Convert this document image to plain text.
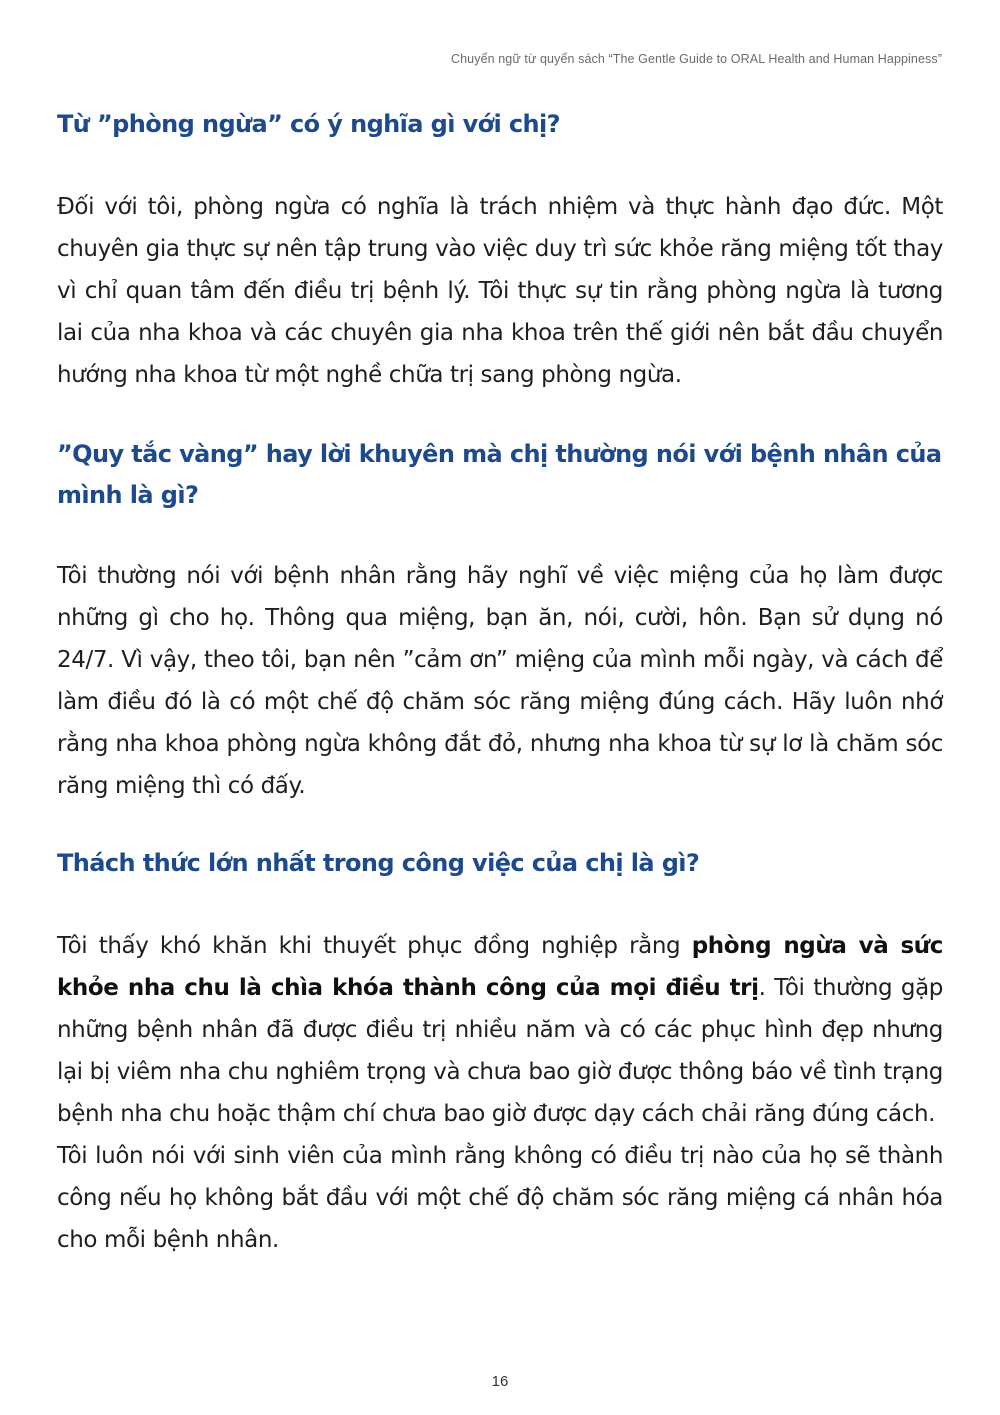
Chuyển ngữ từ quyển sách “The Gentle Guide to ORAL Health and Human Happiness”
Từ ”phòng ngừa” có ý nghĩa gì với chị?

Đối với tôi, phòng ngừa có nghĩa là trách nhiệm và thực hành đạo đức. Một chuyên gia thực sự nên tập trung vào việc duy trì sức khỏe răng miệng tốt thay vì chỉ quan tâm đến điều trị bệnh lý. Tôi thực sự tin rằng phòng ngừa là tương lai của nha khoa và các chuyên gia nha khoa trên thế giới nên bắt đầu chuyển hướng nha khoa từ một nghề chữa trị sang phòng ngừa.

”Quy tắc vàng” hay lời khuyên mà chị thường nói với bệnh nhân của mình là gì?

Tôi thường nói với bệnh nhân rằng hãy nghĩ về việc miệng của họ làm được những gì cho họ. Thông qua miệng, bạn ăn, nói, cười, hôn. Bạn sử dụng nó 24/7. Vì vậy, theo tôi, bạn nên ”cảm ơn” miệng của mình mỗi ngày, và cách để làm điều đó là có một chế độ chăm sóc răng miệng đúng cách. Hãy luôn nhớ rằng nha khoa phòng ngừa không đắt đỏ, nhưng nha khoa từ sự lơ là chăm sóc răng miệng thì có đấy.

Thách thức lớn nhất trong công việc của chị là gì?

Tôi thấy khó khăn khi thuyết phục đồng nghiệp rằng phòng ngừa và sức khỏe nha chu là chìa khóa thành công của mọi điều trị. Tôi thường gặp những bệnh nhân đã được điều trị nhiều năm và có các phục hình đẹp nhưng lại bị viêm nha chu nghiêm trọng và chưa bao giờ được thông báo về tình trạng bệnh nha chu hoặc thậm chí chưa bao giờ được dạy cách chải răng đúng cách.

Tôi luôn nói với sinh viên của mình rằng không có điều trị nào của họ sẽ thành công nếu họ không bắt đầu với một chế độ chăm sóc răng miệng cá nhân hóa cho mỗi bệnh nhân.

16
